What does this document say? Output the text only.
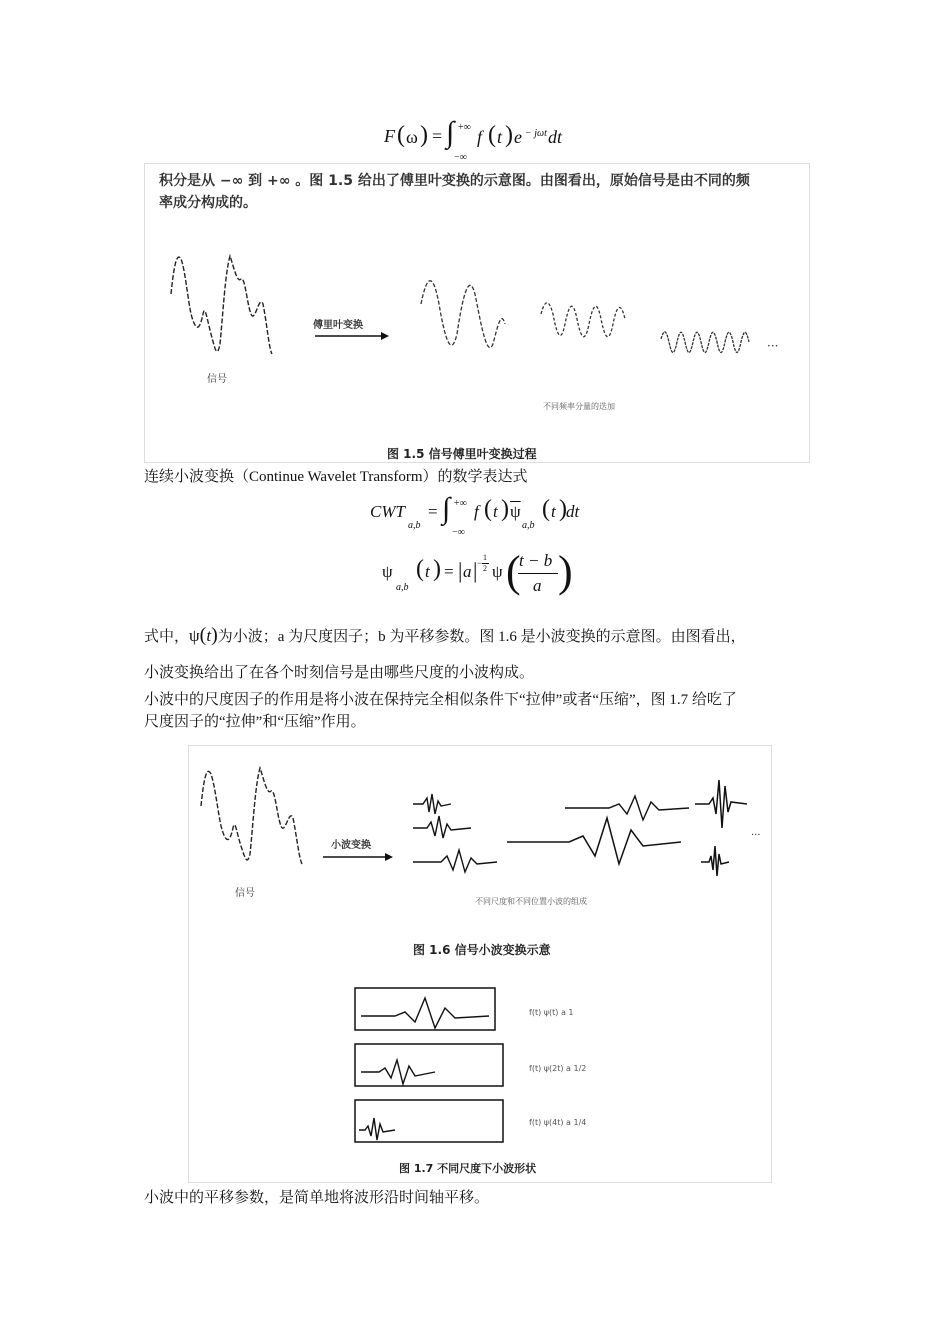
F ( ω ) = ∫ +∞
−∞
f ( t ) e − jωt dt
积分是从 −∞ 到 +∞ 。图 1.5 给出了傅里叶变换的示意图。由图看出，原始信号是由不同的频
率成分构成的。
傅里叶变换
信号
···
不同频率分量的迭加
图 1.5 信号傅里叶变换过程
连续小波变换（Continue Wavelet Transform）的数学表达式
CWT
a,b
= ∫ +∞
−∞
f ( t ) $\overline{\psi}$
a,b
( t ) dt
ψ
a,b
( t ) = | a | −
1
2 ψ (
t − b
a )
式中，ψ(t)为小波；a 为尺度因子；b 为平移参数。图 1.6 是小波变换的示意图。由图看出，
小波变换给出了在各个时刻信号是由哪些尺度的小波构成。
小波中的尺度因子的作用是将小波在保持完全相似条件下“拉伸”或者“压缩”，图 1.7 给吃了
尺度因子的“拉伸”和“压缩”作用。
小波变换
信号
···
不同尺度和不同位置小波的组成
图 1.6 信号小波变换示意
f(t) ψ(t) a 1
f(t) ψ(2t) a 1/2
f(t) ψ(4t) a 1/4
图 1.7 不同尺度下小波形状
小波中的平移参数，是简单地将波形沿时间轴平移。
